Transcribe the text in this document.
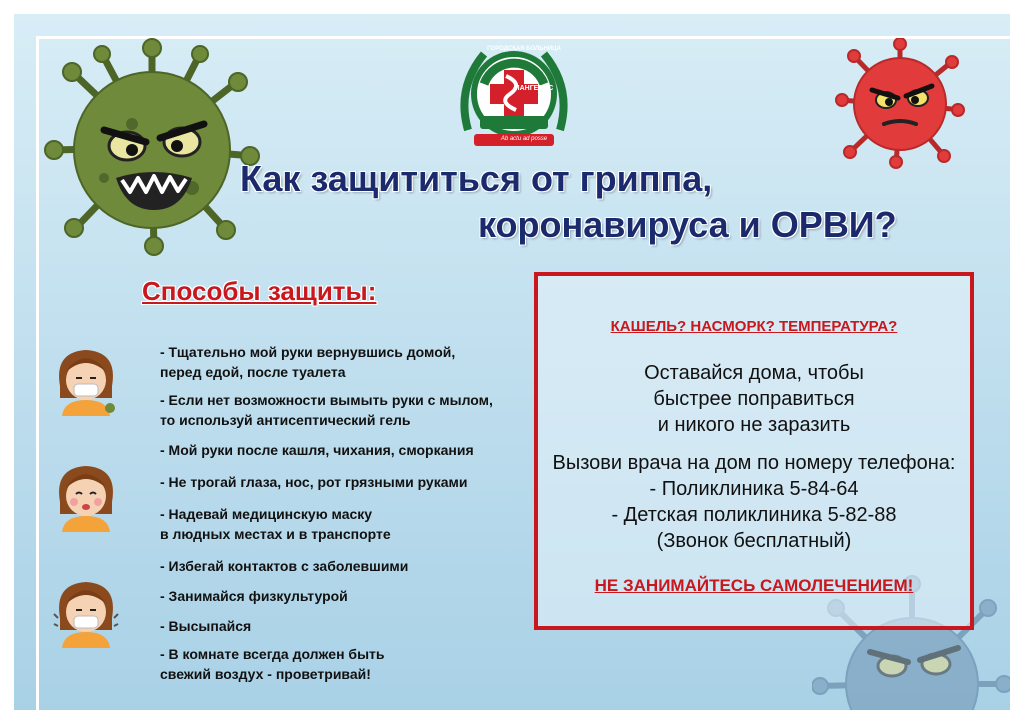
ЛАНГЕПАС
ГОРОДСКАЯ БОЛЬНИЦА
Ab actu ad posse
Как защититься от гриппа,
коронавируса и ОРВИ?
Способы защиты:
- Тщательно мой руки вернувшись домой,
перед едой, после туалета
- Если нет возможности вымыть руки с мылом,
то используй антисептический гель
- Мой руки после кашля, чихания, сморкания
- Не трогай глаза, нос, рот грязными руками
- Надевай медицинскую маску
в людных местах и в транспорте
- Избегай контактов с заболевшими
- Занимайся физкультурой
- Высыпайся
- В комнате всегда должен быть
свежий воздух - проветривай!
КАШЕЛЬ? НАСМОРК? ТЕМПЕРАТУРА?
Оставайся дома, чтобы
быстрее поправиться
и никого не заразить
Вызови врача на дом по номеру телефона:
- Поликлиника 5-84-64
- Детская поликлиника 5-82-88
(Звонок бесплатный)
НЕ ЗАНИМАЙТЕСЬ САМОЛЕЧЕНИЕМ!
